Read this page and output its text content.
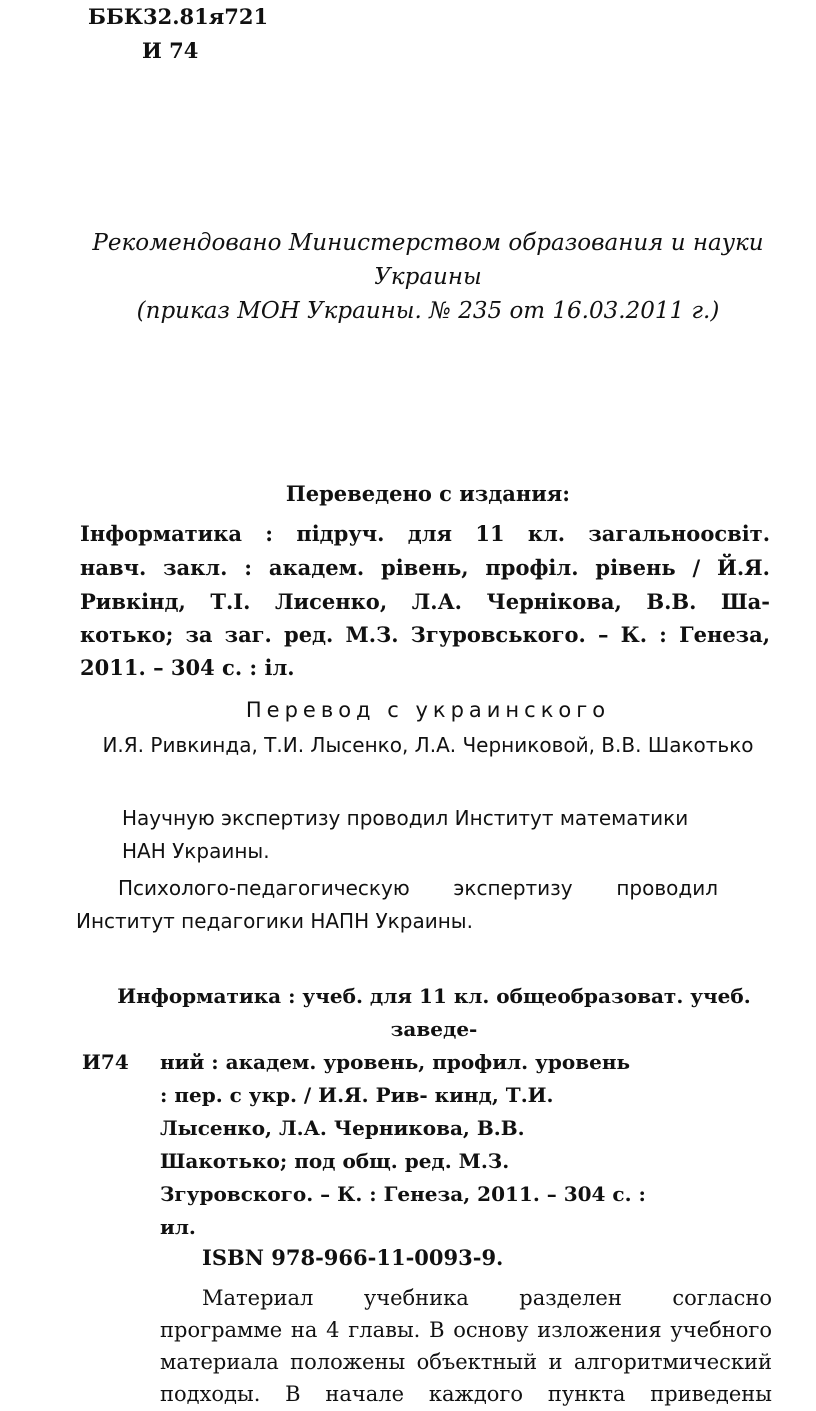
ББК32.81я721
И 74
Рекомендовано Министерством образования и науки
Украины
(приказ МОН Украины. № 235 от 16.03.2011 г.)
Переведено с издания:
Інформатика : підруч. для 11 кл. загальноосвіт.
навч. закл. : академ. рівень, профіл. рівень / Й.Я.
Ривкінд, Т.І. Лисенко, Л.А. Чернікова, В.В. Ша-
котько; за заг. ред. М.З. Згуровського. – К. : Генеза,
2011. – 304 с. : іл.
Перевод с украинского
И.Я. Ривкинда, Т.И. Лысенко, Л.А. Черниковой, В.В. Шакотько
Научную экспертизу проводил Институт математики
НАН Украины.
Психолого-педагогическую экспертизу проводил
Институт педагогики НАПН Украины.
Информатика : учеб. для 11 кл. общеобразоват. учеб.
заведе-
И74 ний : академ. уровень, профил. уровень
: пер. с укр. / И.Я. Рив- кинд, Т.И.
Лысенко, Л.А. Черникова, В.В.
Шакотько; под общ. ред. М.З.
Згуровского. – К. : Генеза, 2011. – 304 с. :
ил.
ISBN 978-966-11-0093-9.
Материал учебника разделен согласно
программе на 4 главы. В основу изложения учебного
материала положены объектный и алгоритмический
подходы. В начале каждого пункта приведены
